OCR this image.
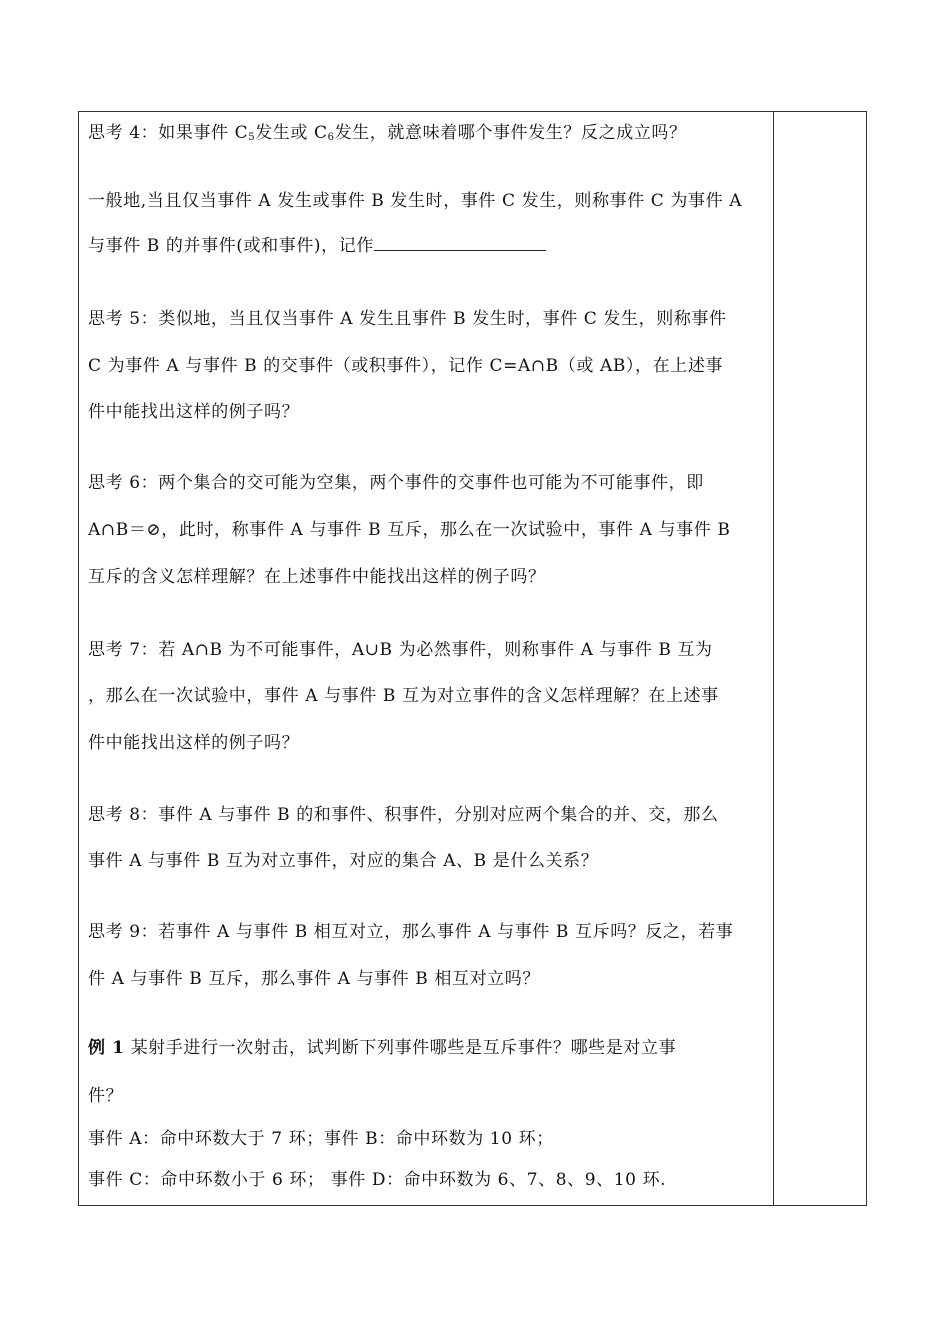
思考 4：如果事件 $C_5$发生或 $C_6$发生，就意味着哪个事件发生？反之成立吗？
一般地,当且仅当事件 A 发生或事件 B 发生时，事件 C 发生，则称事件 C 为事件 A
与事件 B 的并事件(或和事件)，记作
思考 5：类似地，当且仅当事件 A 发生且事件 B 发生时，事件 C 发生，则称事件
C 为事件 A 与事件 B 的交事件（或积事件），记作 C=A∩B（或 AB），在上述事
件中能找出这样的例子吗？
思考 6：两个集合的交可能为空集，两个事件的交事件也可能为不可能事件，即
A∩B＝⊘，此时，称事件 A 与事件 B 互斥，那么在一次试验中，事件 A 与事件 B
互斥的含义怎样理解？在上述事件中能找出这样的例子吗？
思考 7：若 A∩B 为不可能事件，A∪B 为必然事件，则称事件 A 与事件 B 互为
，那么在一次试验中，事件 A 与事件 B 互为对立事件的含义怎样理解？在上述事
件中能找出这样的例子吗？
思考 8：事件 A 与事件 B 的和事件、积事件，分别对应两个集合的并、交，那么
事件 A 与事件 B 互为对立事件，对应的集合 A、B 是什么关系？
思考 9：若事件 A 与事件 B 相互对立，那么事件 A 与事件 B 互斥吗？反之，若事
件 A 与事件 B 互斥，那么事件 A 与事件 B 相互对立吗？
例 1 某射手进行一次射击，试判断下列事件哪些是互斥事件？哪些是对立事
件？
事件 A：命中环数大于 7 环；事件 B：命中环数为 10 环；
事件 C：命中环数小于 6 环； 事件 D：命中环数为 6、7、8、9、10 环.
